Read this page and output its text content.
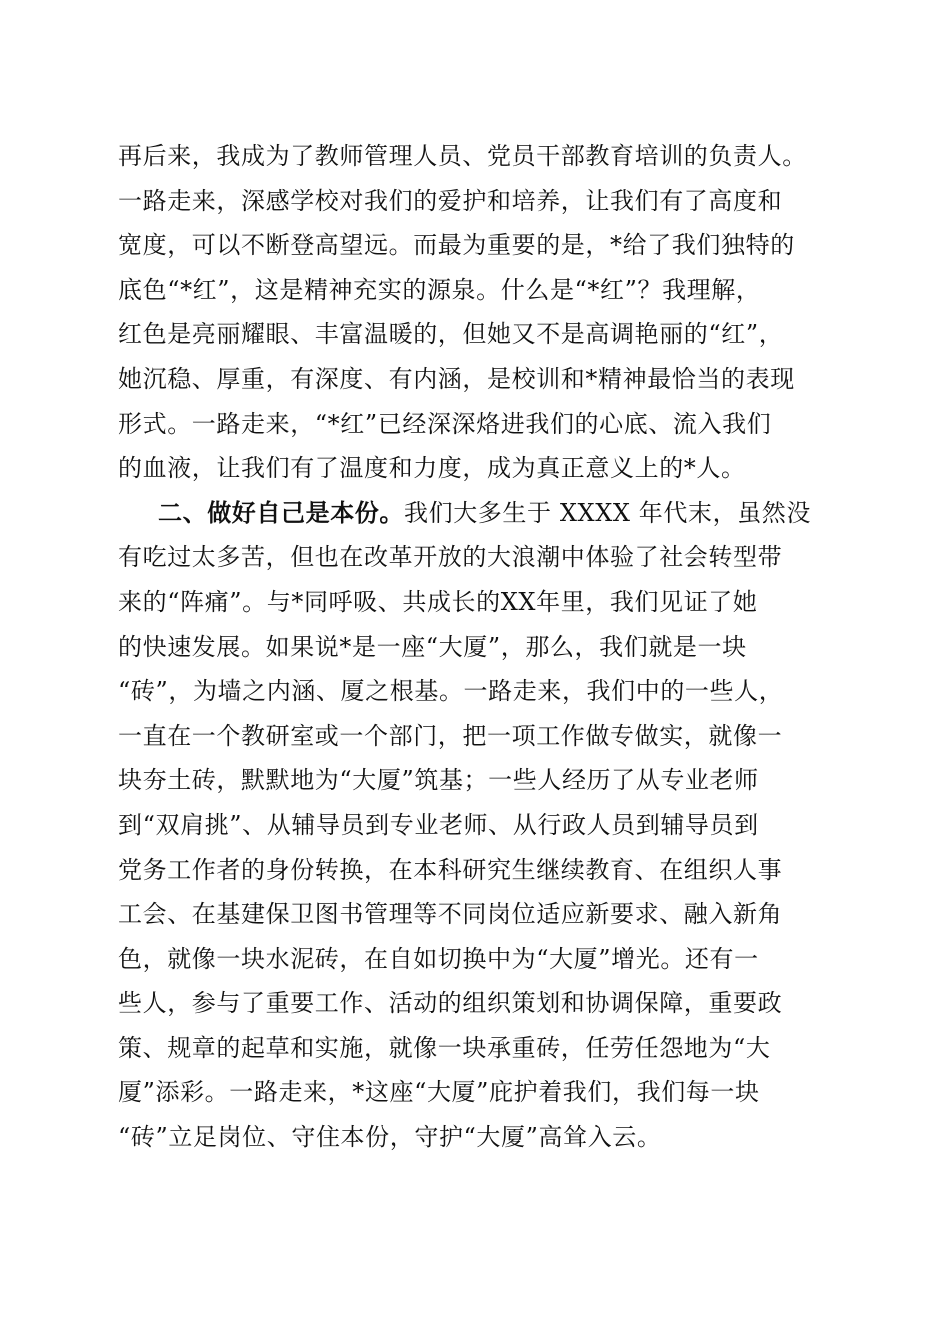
再后来，我成为了教师管理人员、党员干部教育培训的负责人。
一路走来，深感学校对我们的爱护和培养，让我们有了高度和
宽度，可以不断登高望远。而最为重要的是，*给了我们独特的
底色“*红”，这是精神充实的源泉。什么是“*红”？我理解，
红色是亮丽耀眼、丰富温暖的，但她又不是高调艳丽的“红”，
她沉稳、厚重，有深度、有内涵，是校训和*精神最恰当的表现
形式。一路走来，“*红”已经深深烙进我们的心底、流入我们
的血液，让我们有了温度和力度，成为真正意义上的*人。
二、做好自己是本份。我们大多生于 XXXX 年代末，虽然没
有吃过太多苦，但也在改革开放的大浪潮中体验了社会转型带
来的“阵痛”。与*同呼吸、共成长的XX年里，我们见证了她
的快速发展。如果说*是一座“大厦”，那么，我们就是一块
“砖”，为墙之内涵、厦之根基。一路走来，我们中的一些人，
一直在一个教研室或一个部门，把一项工作做专做实，就像一
块夯土砖，默默地为“大厦”筑基；一些人经历了从专业老师
到“双肩挑”、从辅导员到专业老师、从行政人员到辅导员到
党务工作者的身份转换，在本科研究生继续教育、在组织人事
工会、在基建保卫图书管理等不同岗位适应新要求、融入新角
色，就像一块水泥砖，在自如切换中为“大厦”增光。还有一
些人，参与了重要工作、活动的组织策划和协调保障，重要政
策、规章的起草和实施，就像一块承重砖，任劳任怨地为“大
厦”添彩。一路走来，*这座“大厦”庇护着我们，我们每一块
“砖”立足岗位、守住本份，守护“大厦”高耸入云。
